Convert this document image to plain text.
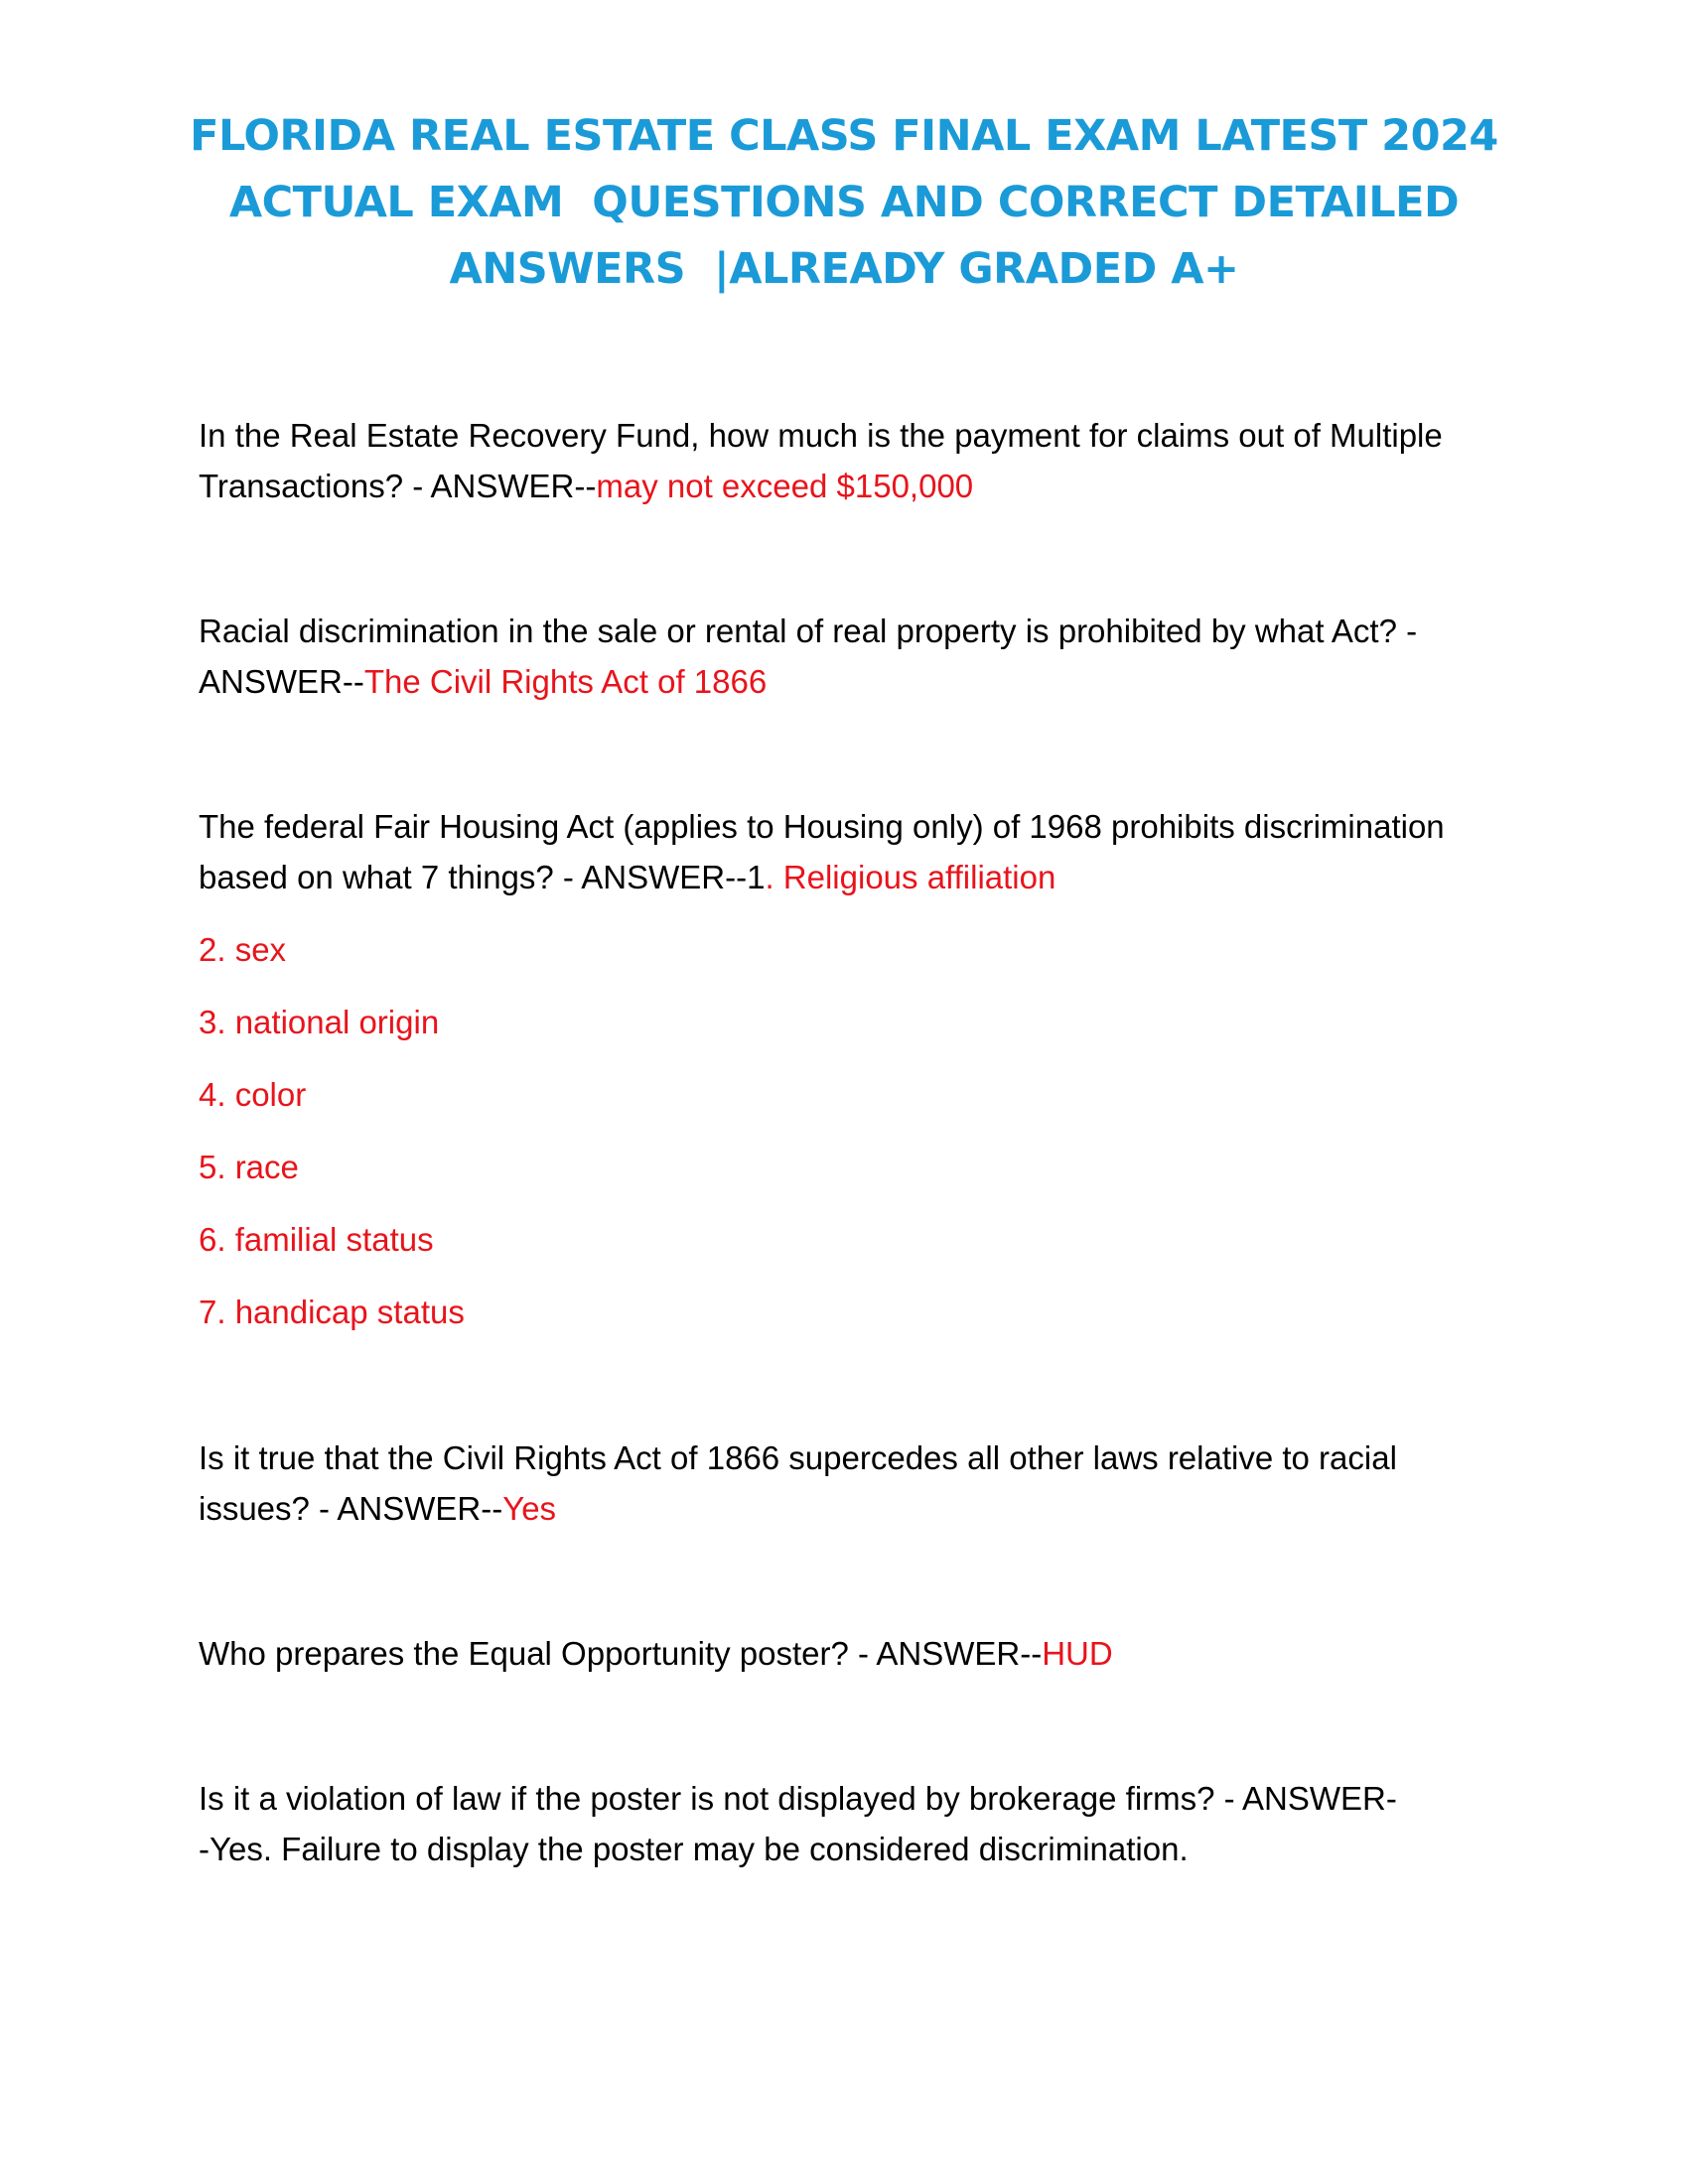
FLORIDA REAL ESTATE CLASS FINAL EXAM LATEST 2024
ACTUAL EXAM  QUESTIONS AND CORRECT DETAILED
ANSWERS  |ALREADY GRADED A+

In the Real Estate Recovery Fund, how much is the payment for claims out of Multiple Transactions? - ANSWER--may not exceed $150,000

Racial discrimination in the sale or rental of real property is prohibited by what Act? - ANSWER--The Civil Rights Act of 1866

The federal Fair Housing Act (applies to Housing only) of 1968 prohibits discrimination based on what 7 things? - ANSWER--1. Religious affiliation

2. sex

3. national origin

4. color

5. race

6. familial status

7. handicap status

Is it true that the Civil Rights Act of 1866 supercedes all other laws relative to racial issues? - ANSWER--Yes

Who prepares the Equal Opportunity poster? - ANSWER--HUD

Is it a violation of law if the poster is not displayed by brokerage firms? - ANSWER-
-Yes. Failure to display the poster may be considered discrimination.
